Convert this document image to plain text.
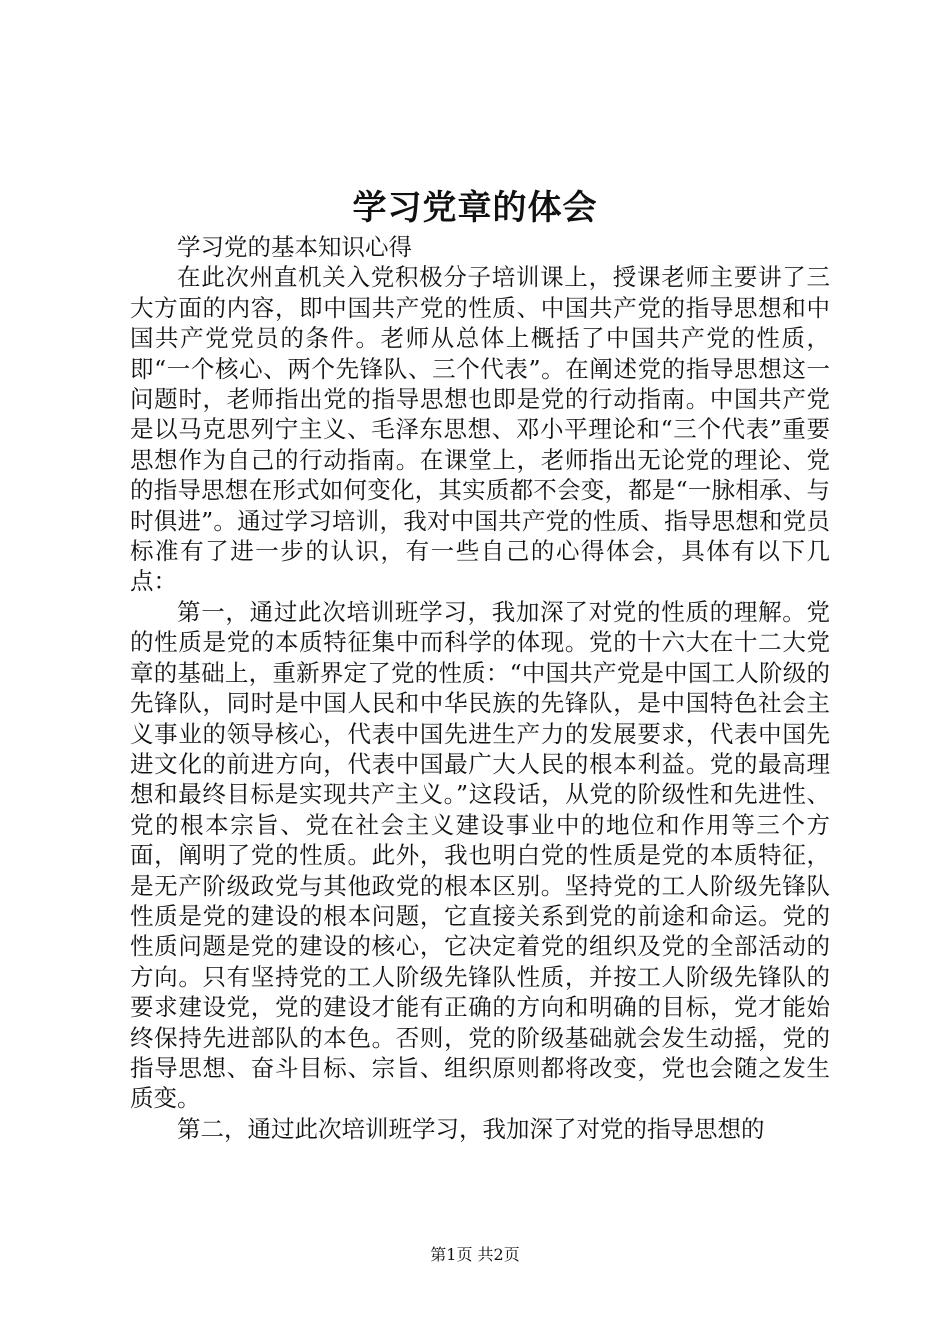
学习党章的体会

学习党的基本知识心得

在此次州直机关入党积极分子培训课上，授课老师主要讲了三大方面的内容，即中国共产党的性质、中国共产党的指导思想和中国共产党党员的条件。老师从总体上概括了中国共产党的性质，即“一个核心、两个先锋队、三个代表”。在阐述党的指导思想这一问题时，老师指出党的指导思想也即是党的行动指南。中国共产党是以马克思列宁主义、毛泽东思想、邓小平理论和“三个代表”重要思想作为自己的行动指南。在课堂上，老师指出无论党的理论、党的指导思想在形式如何变化，其实质都不会变，都是“一脉相承、与时俱进”。通过学习培训，我对中国共产党的性质、指导思想和党员标准有了进一步的认识，有一些自己的心得体会，具体有以下几点：

第一，通过此次培训班学习，我加深了对党的性质的理解。党的性质是党的本质特征集中而科学的体现。党的十六大在十二大党章的基础上，重新界定了党的性质：“中国共产党是中国工人阶级的先锋队，同时是中国人民和中华民族的先锋队，是中国特色社会主义事业的领导核心，代表中国先进生产力的发展要求，代表中国先进文化的前进方向，代表中国最广大人民的根本利益。党的最高理想和最终目标是实现共产主义。”这段话，从党的阶级性和先进性、党的根本宗旨、党在社会主义建设事业中的地位和作用等三个方面，阐明了党的性质。此外，我也明白党的性质是党的本质特征，是无产阶级政党与其他政党的根本区别。坚持党的工人阶级先锋队性质是党的建设的根本问题，它直接关系到党的前途和命运。党的性质问题是党的建设的核心，它决定着党的组织及党的全部活动的方向。只有坚持党的工人阶级先锋队性质，并按工人阶级先锋队的要求建设党，党的建设才能有正确的方向和明确的目标，党才能始终保持先进部队的本色。否则，党的阶级基础就会发生动摇，党的指导思想、奋斗目标、宗旨、组织原则都将改变，党也会随之发生质变。

第二，通过此次培训班学习，我加深了对党的指导思想的

第1页 共2页
